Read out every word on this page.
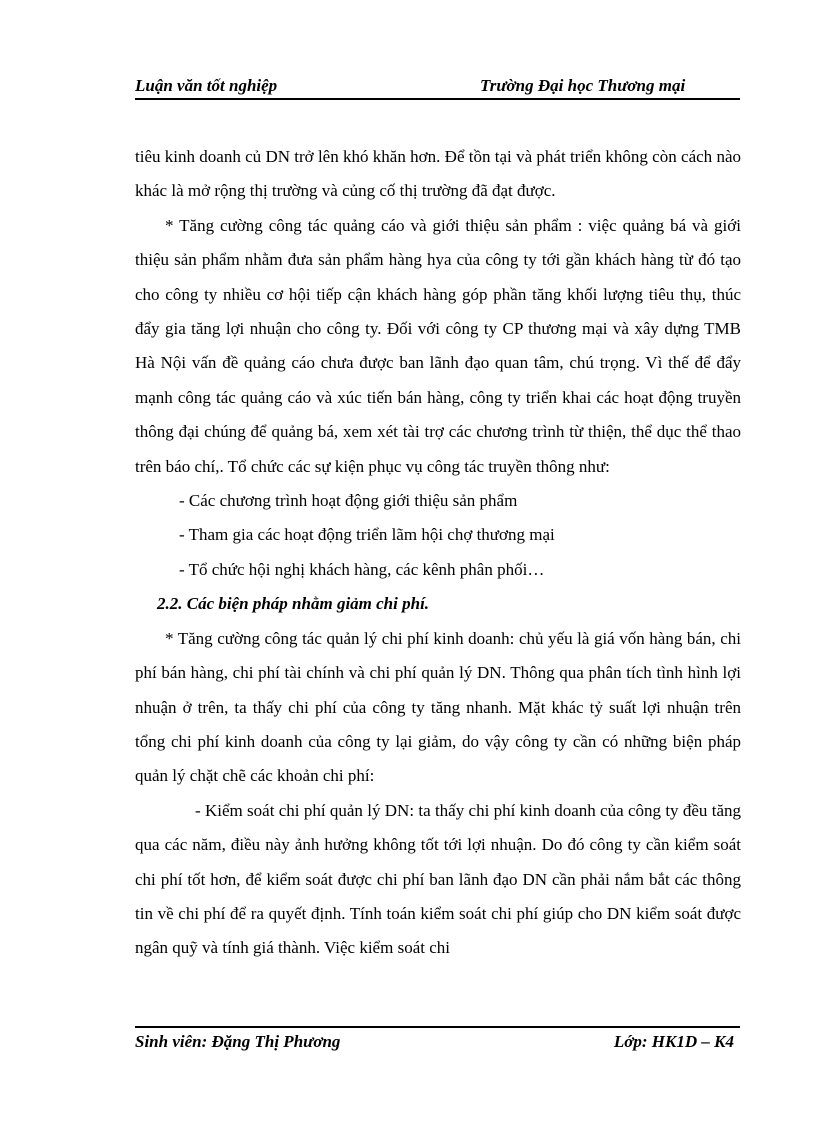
Luận văn tốt nghiệp	Trường Đại học Thương mại

tiêu kinh doanh củ DN trở lên khó khăn hơn. Để tồn tại và phát triển không còn cách nào khác là mở rộng thị trường và củng cố thị trường đã đạt được.

* Tăng cường công tác quảng cáo và giới thiệu sản phẩm : việc quảng bá và giới thiệu sản phẩm nhằm đưa sản phẩm hàng hya của công ty tới gần khách hàng từ đó tạo cho công ty nhiều cơ hội tiếp cận khách hàng góp phần tăng khối lượng tiêu thụ, thúc đẩy gia tăng lợi nhuận cho công ty. Đối với công ty CP thương mại và xây dựng TMB Hà Nội vấn đề quảng cáo chưa được ban lãnh đạo quan tâm, chú trọng. Vì thế để đẩy mạnh công tác quảng cáo và xúc tiến bán hàng, công ty triển khai các hoạt động truyền thông đại chúng để quảng bá, xem xét tài trợ các chương trình từ thiện, thể dục thể thao trên báo chí,. Tổ chức các sự kiện phục vụ công tác truyền thông như:

- Các chương trình hoạt động giới thiệu sản phẩm

- Tham gia các hoạt động triển lãm hội chợ thương mại

- Tổ chức hội nghị khách hàng, các kênh phân phối…

2.2. Các biện pháp nhằm giảm chi phí.

* Tăng cường công tác quản lý chi phí kinh doanh: chủ yếu là giá vốn hàng bán, chi phí bán hàng, chi phí tài chính và chi phí quản lý DN. Thông qua phân tích tình hình lợi nhuận ở trên, ta thấy chi phí của công ty tăng nhanh. Mặt khác tỷ suất lợi nhuận trên tổng chi phí kinh doanh của công ty lại giảm, do vậy công ty cần có những biện pháp quản lý chặt chẽ các khoản chi phí:

- Kiểm soát chi phí quản lý DN: ta thấy chi phí kinh doanh của công ty đều tăng qua các năm, điều này ảnh hưởng không tốt tới lợi nhuận. Do đó công ty cần kiểm soát chi phí tốt hơn, để kiểm soát được chi phí ban lãnh đạo DN cần phải nắm bắt các thông tin về chi phí để ra quyết định. Tính toán kiểm soát chi phí giúp cho DN kiểm soát được ngân quỹ và tính giá thành. Việc kiểm soát chi

Sinh viên: Đặng Thị Phương	Lớp: HK1D – K4
